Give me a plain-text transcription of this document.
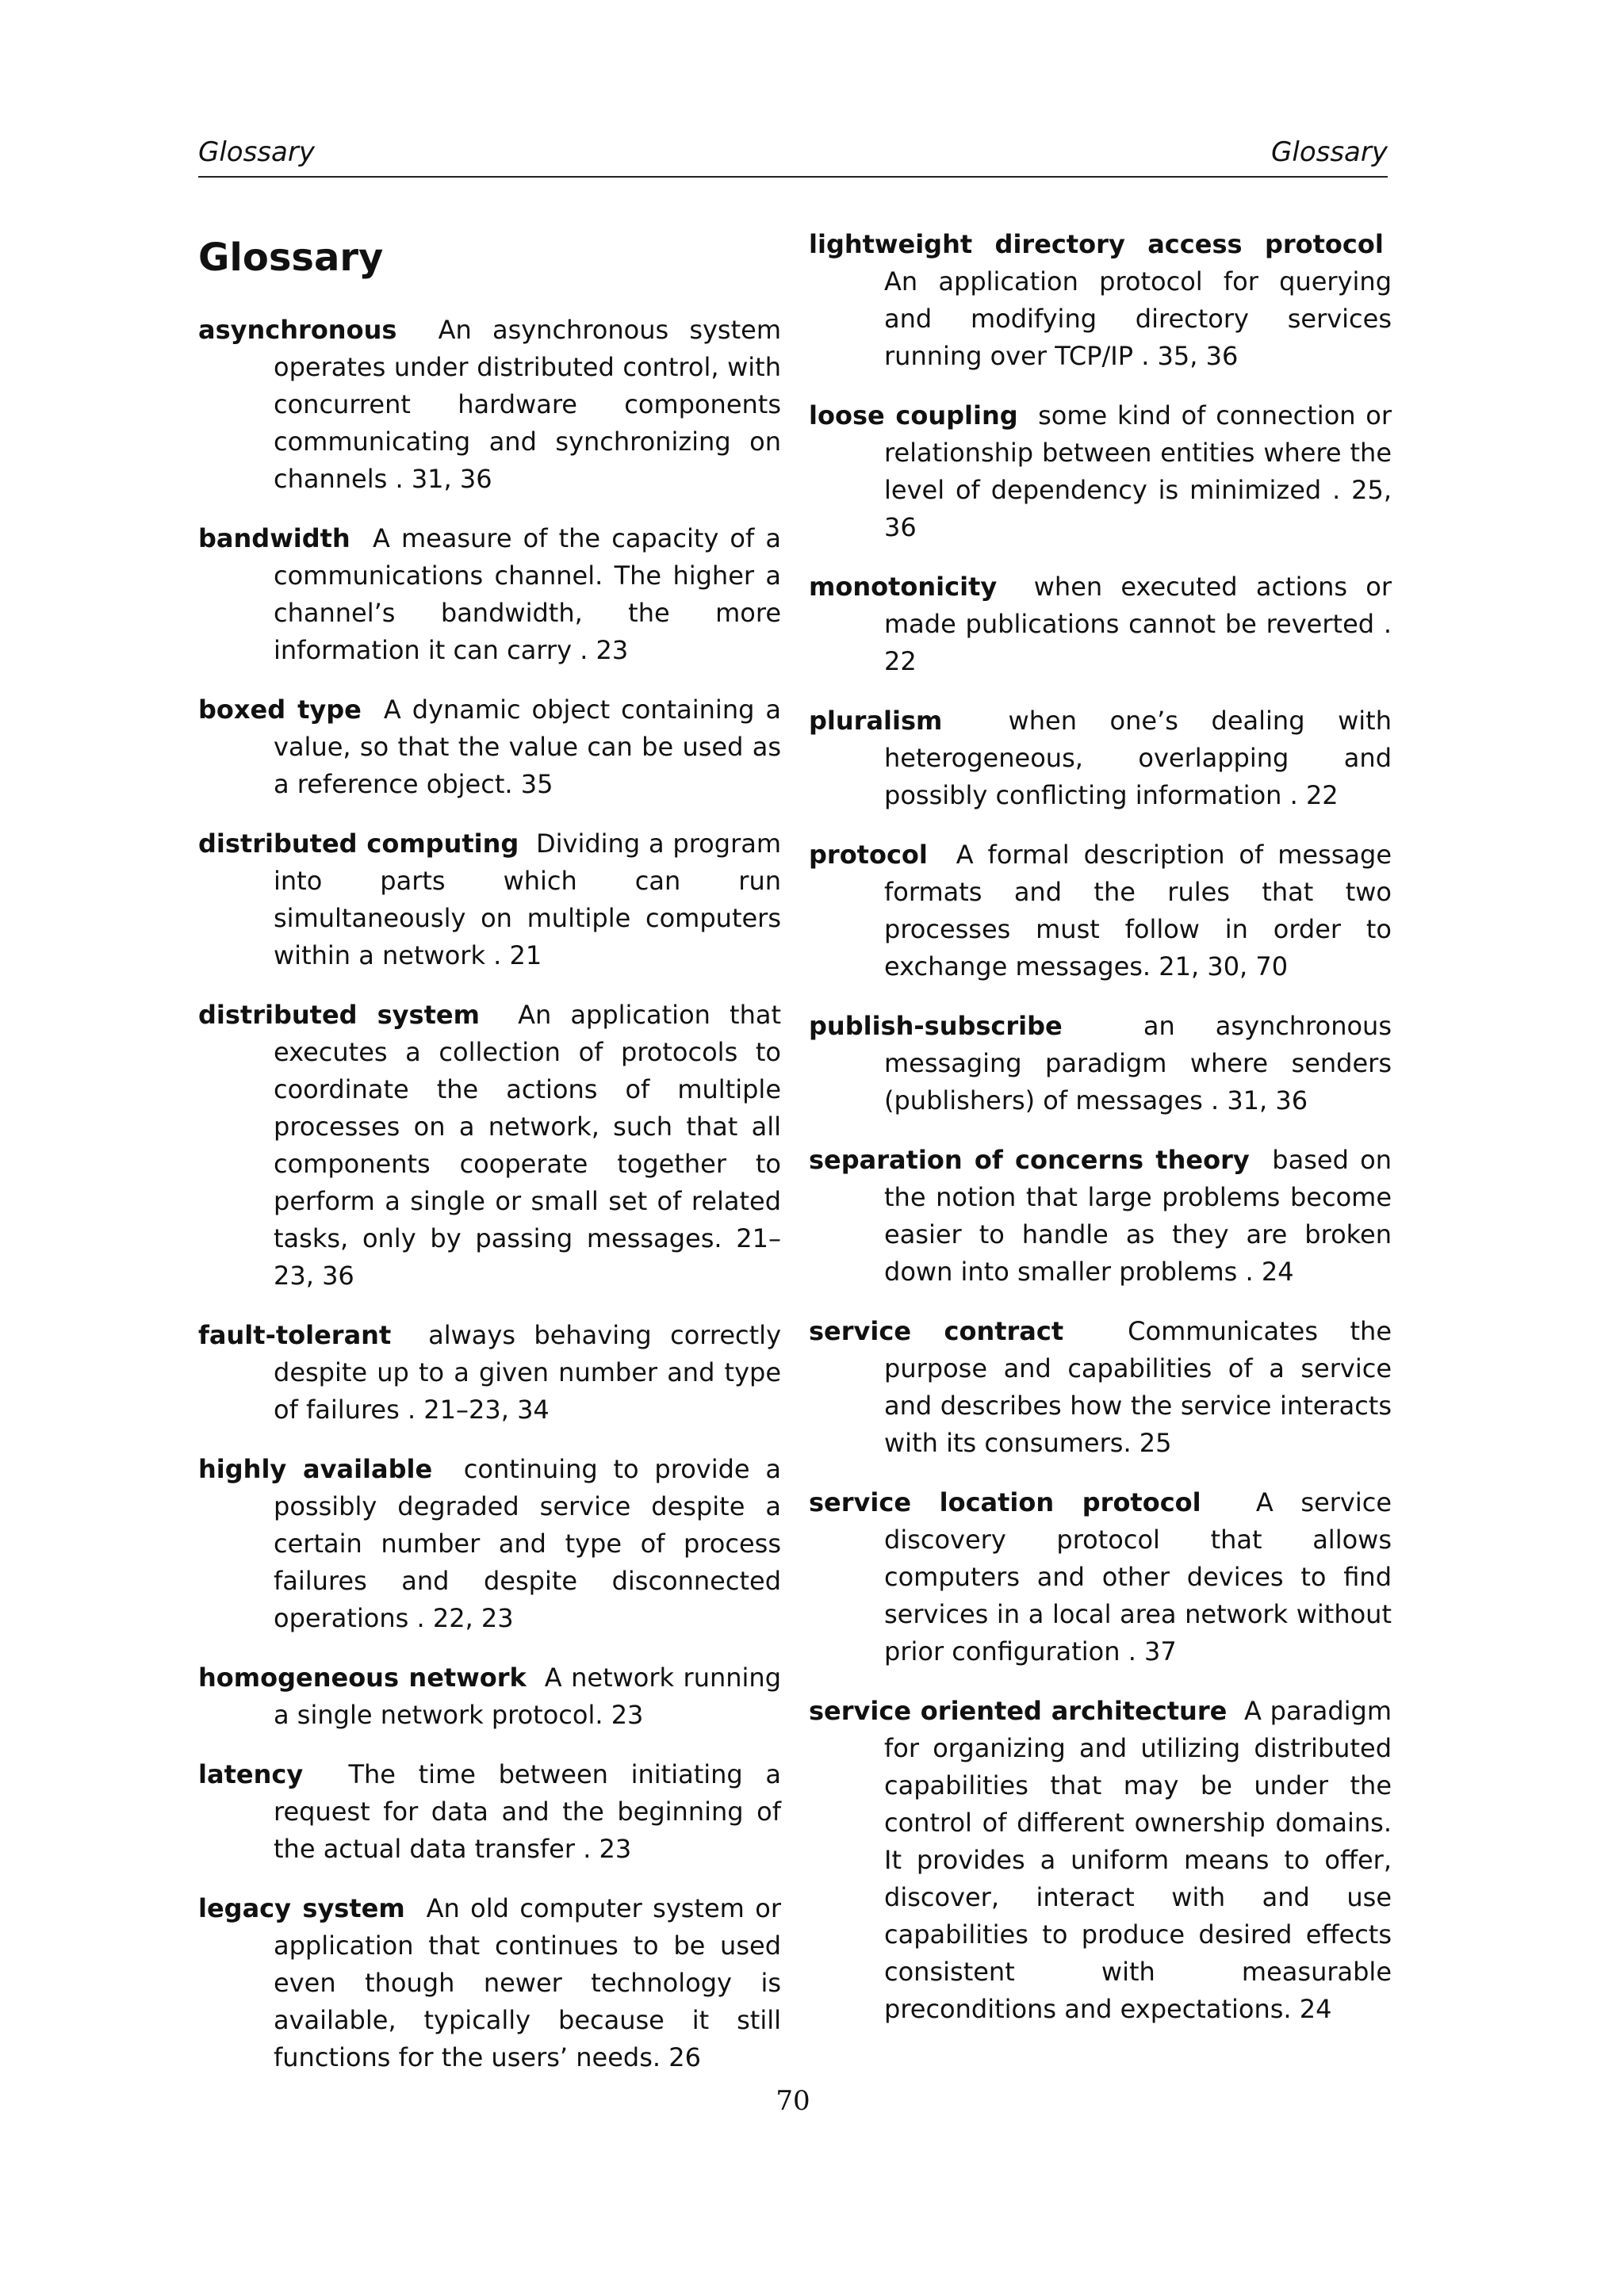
Glossary	Glossary
Glossary

asynchronous An asynchronous system operates under distributed control, with concurrent hardware components communicating and synchronizing on channels . 31, 36

bandwidth A measure of the capacity of a communications channel. The higher a channel’s bandwidth, the more information it can carry . 23

boxed type A dynamic object containing a value, so that the value can be used as a reference object. 35

distributed computing Dividing a program into parts which can run simultaneously on multiple computers within a network . 21

distributed system An application that executes a collection of protocols to coordinate the actions of multiple processes on a network, such that all components cooperate together to perform a single or small set of related tasks, only by passing messages. 21–23, 36

fault-tolerant always behaving correctly despite up to a given number and type of failures . 21–23, 34

highly available continuing to provide a possibly degraded service despite a certain number and type of process failures and despite disconnected operations . 22, 23

homogeneous network A network running a single network protocol. 23

latency The time between initiating a request for data and the beginning of the actual data transfer . 23

legacy system An old computer system or application that continues to be used even though newer technology is available, typically because it still functions for the users’ needs. 26

lightweight directory access protocol  An application protocol for querying and modifying directory services running over TCP/IP . 35, 36

loose coupling some kind of connection or relationship between entities where the level of dependency is minimized . 25, 36

monotonicity when executed actions or made publications cannot be reverted . 22

pluralism	when one’s dealing with heterogeneous, overlapping and possibly conflicting information . 22

protocol A formal description of message formats and the rules that two processes must follow in order to exchange messages. 21, 30, 70

publish-subscribe	an asynchronous messaging paradigm where senders (publishers) of messages . 31, 36

separation of concerns theory based on the notion that large problems become easier to handle as they are broken down into smaller problems . 24

service contract	Communicates the purpose and capabilities of a service and describes how the service interacts with its consumers. 25

service location protocol A service discovery protocol that allows computers and other devices to find services in a local area network without prior configuration . 37

service oriented architecture A paradigm for organizing and utilizing distributed capabilities that may be under the control of different ownership domains. It provides a uniform means to offer, discover, interact with and use capabilities to produce desired effects consistent with measurable preconditions and expectations. 24

70
